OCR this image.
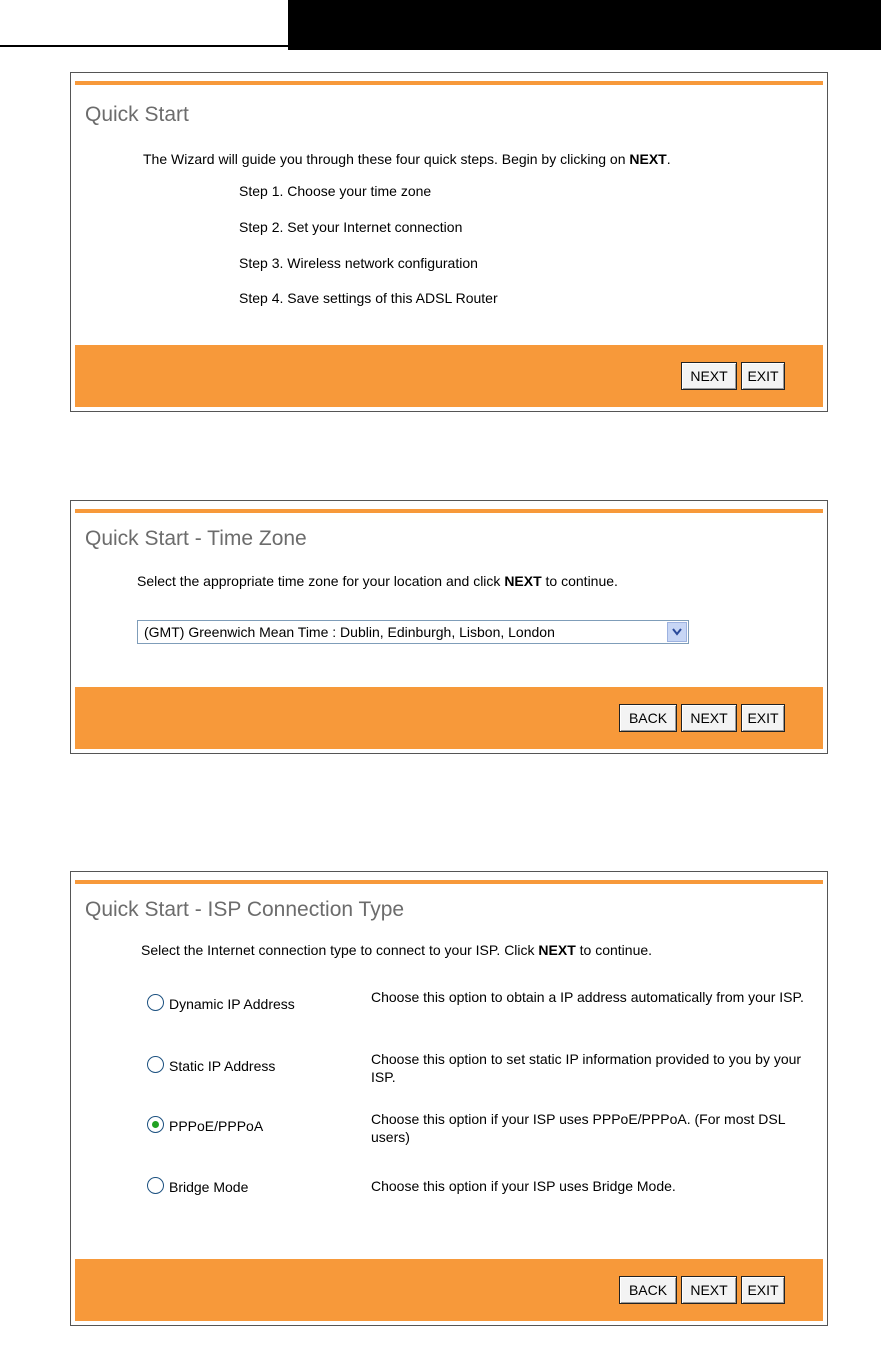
Quick Start
The Wizard will guide you through these four quick steps. Begin by clicking on NEXT.
Step 1. Choose your time zone
Step 2. Set your Internet connection
Step 3. Wireless network configuration
Step 4. Save settings of this ADSL Router
NEXT	EXIT
Quick Start - Time Zone
Select the appropriate time zone for your location and click NEXT to continue.
(GMT) Greenwich Mean Time : Dublin, Edinburgh, Lisbon, London
BACK	NEXT	EXIT
Quick Start - ISP Connection Type
Select the Internet connection type to connect to your ISP. Click NEXT to continue.
Dynamic IP Address	Choose this option to obtain a IP address automatically from your ISP.
Static IP Address	Choose this option to set static IP information provided to you by your ISP.
PPPoE/PPPoA	Choose this option if your ISP uses PPPoE/PPPoA. (For most DSL users)
Bridge Mode	Choose this option if your ISP uses Bridge Mode.
BACK	NEXT	EXIT
